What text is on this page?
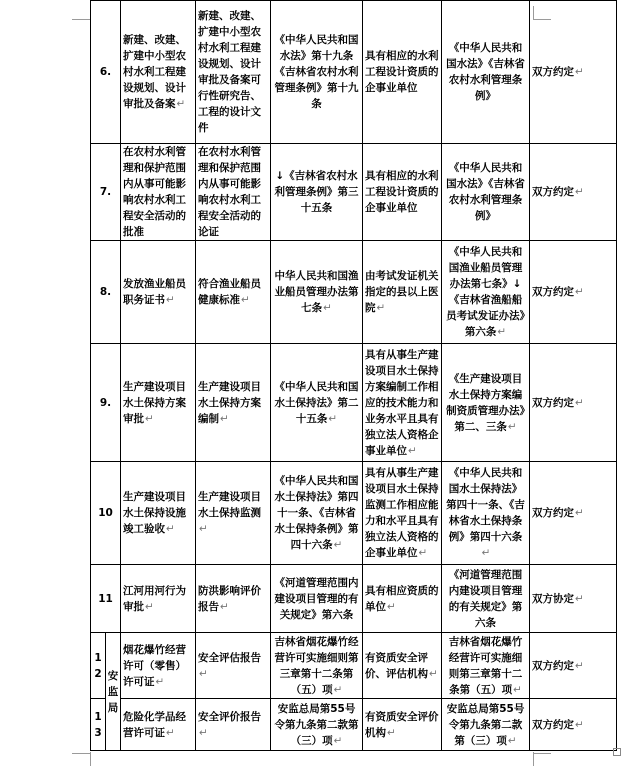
6.		新建、改建、扩建中小型农村水利工程建设规划、设计审批及备案↵	新建、改建、扩建中小型农村水利工程建设规划、设计审批及备案可行性研究告、工程的设计文件	《中华人民共和国水法》第十九条《吉林省农村水利管理条例》第十九条	具有相应的水利工程设计资质的企事业单位	《中华人民共和国水法》《吉林省农村水利管理条例》	双方约定↵
7.		在农村水利管理和保护范围内从事可能影响农村水利工程安全活动的批准	在农村水利管理和保护范围内从事可能影响农村水利工程安全活动的论证	↓《吉林省农村水利管理条例》第三十五条	具有相应的水利工程设计资质的企事业单位	《中华人民共和国水法》《吉林省农村水利管理条例》	双方约定↵
8.		发放渔业船员职务证书↵	符合渔业船员健康标准↵	中华人民共和国渔业船员管理办法第七条↵	由考试发证机关指定的县以上医院↵	《中华人民共和国渔业船员管理办法第七条》↓《吉林省渔船船员考试发证办法》第六条↵	双方约定↵
9.		生产建设项目水土保持方案审批↵	生产建设项目水土保持方案编制↵	《中华人民共和国水土保持法》第二十五条↵	具有从事生产建设项目水土保持方案编制工作相应的技术能力和业务水平且具有独立法人资格企事业单位↵	《生产建设项目水土保持方案编制资质管理办法》第二、三条↵	双方约定↵
10		生产建设项目水土保持设施竣工验收↵	生产建设项目水土保持监测↵	《中华人民共和国水土保持法》第四十一条、《吉林省水土保持条例》第四十六条↵	具有从事生产建设项目水土保持监测工作相应能力和水平且具有独立法人资格的企事业单位↵	《中华人民共和国水土保持法》第四十一条、《吉林省水土保持条例》第四十六条↵	双方约定↵
11		江河用河行为审批↵	防洪影响评价报告↵	《河道管理范围内建设项目管理的有关规定》第六条	具有相应资质的单位↵	《河道管理范围内建设项目管理的有关规定》第六条	双方协定↵
12	安监局	烟花爆竹经营许可（零售）许可证↵	安全评估报告↵	吉林省烟花爆竹经营许可实施细则第三章第十二条第（五）项↵	有资质安全评价、评估机构↵	吉林省烟花爆竹经营许可实施细则第三章第十二条第（五）项↵	双方约定↵
13		危险化学品经营许可证↵	安全评价报告↵	安监总局第55号令第九条第二款第（三）项↵	有资质安全评价机构↵	安监总局第55号令第九条第二款第（三）项↵	双方约定↵
